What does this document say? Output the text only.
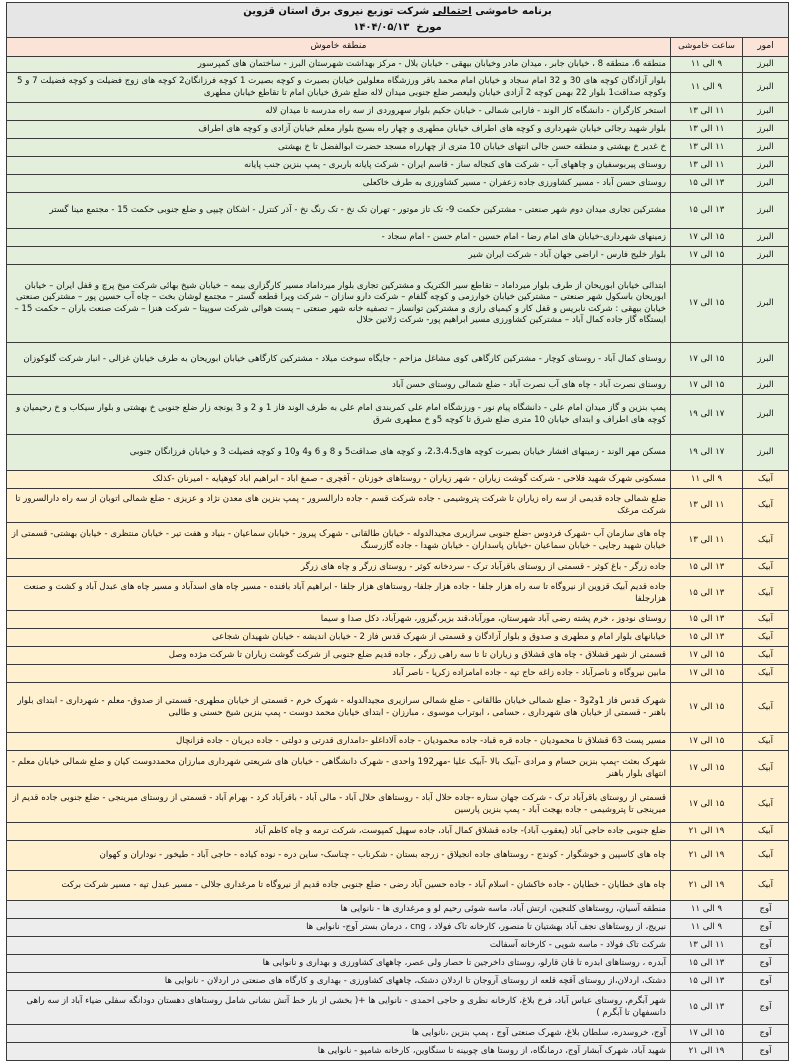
برنامه خاموشی احتمالی شرکت توزیع نیروی برق استان قزوین
مورخ  ۱۴۰۴/۰۵/۱۳		

امور	ساعت خاموشی	منطقه خاموش
البرز	۹ الی ۱۱	منطقه 6، منطقه 8 ، خیابان جابر ، میدان مادر وخیابان بیهقی - خیابان بلال - مرکز بهداشت شهرستان البرز - ساختمان های کمپرسور
البرز	۹ الی ۱۱	بلوار آزادگان کوچه های 30 و 32 امام سجاد و خیابان امام محمد باقر ورزشگاه معلولین خیابان بصیرت و کوچه بصیرت 1 کوچه فرزانگان2 کوچه های زوج فضیلت و کوچه فضیلت 7 و 5 وکوچه صداقت1 بلوار 22 بهمن کوچه 2 آزادی خیابان ولیعصر ضلع جنوبی میدان لاله ضلع شرق خیابان امام تا تقاطع خیابان مطهری
البرز	۱۱ الی ۱۳	استخر کارگران - دانشگاه کار الوند - فارابی شمالی - خیابان حکیم بلوار سهروردی از سه راه مدرسه تا میدان لاله
البرز	۱۱ الی ۱۳	بلوار شهید رجائی خیابان شهرداری و کوچه های اطراف خیابان مطهری و چهار راه بسیج بلوار معلم خیابان آزادی و کوچه های اطراف
البرز	۱۱ الی ۱۳	خ غدیر خ بهشتی و منطقه حسن جالی انتهای خیابان 10 متری از چهارراه مسجد حضرت ابوالفضل تا خ بهشتی
البرز	۱۱ الی ۱۳	روستای پیربوسفیان و چاههای آب - شرکت های کنجاله ساز - قاسم ایران - شرکت پایانه باربری - پمپ بنزین جنب پایانه
البرز	۱۳ الی ۱۵	روستای حسن آباد - مسیر کشاورزی جاده زعفران - مسیر کشاورزی به طرف خاکعلی
البرز	۱۳ الی ۱۵	مشترکین تجاری میدان دوم شهر صنعتی - مشترکین حکمت 9- تک تاز موتور - تهران تک نخ - تک رنگ نخ - آذر کنترل - اشکان چیپی و ضلع جنوبی حکمت 15 - مجتمع مینا گستر
البرز	۱۵ الی ۱۷	زمینهای شهرداری-خیابان های امام رضا - امام حسین - امام حسن - امام سجاد -
البرز	۱۵ الی ۱۷	بلوار خلیج فارس - اراضی جهان آباد - شرکت ایران شیر
البرز	۱۵ الی ۱۷	ابتدائی خیابان ابوریحان از طرف بلوار میرداماد – تقاطع سیر الکتریک و مشترکین تجاری بلوار میرداماد مسیر کارگزاری بیمه – خیابان شیخ بهائی شرکت میخ پرچ و قفل ایران – خیابان ابوریحان باسکول شهر صنعتی – مشترکین خیابان خوارزمی و کوچه گلفام – شرکت دارو سازان – شرکت ویرا قطعه گستر – مجتمع لوشان بخت – چاه آب حسین پور – مشترکین صنعتی خیابان بیهقی : شرکت نابریس و قفل کار و کیمیای رازی و مشترکین توانساز – تصفیه خانه شهر صنعتی – پست هوائی شرکت سوپیتا – شرکت هنزا – شرکت صنعت باران – حکمت 15 – ایستگاه گاز جاده کمال آباد – مشترکین کشاورزی مسیر ابراهیم پور- شرکت ژلاتین حلال
البرز	۱۵ الی ۱۷	روستای کمال آباد - روستای کوچار - مشترکین کارگاهی کوی مشاغل مزاحم - جایگاه سوخت میلاد - مشترکین کارگاهی خیابان ابوریحان به طرف خیابان غزالی - انبار شرکت گلوکوزان
البرز	۱۵ الی ۱۷	روستای نصرت آباد - چاه های آب نصرت آباد - ضلع شمالی روستای حسن آباد
البرز	۱۷ الی ۱۹	پمپ بنزین و گاز میدان امام علی - دانشگاه پیام نور - ورزشگاه امام علی کمربندی امام علی به طرف الوند فاز 1 و 2 و 3 یونجه زار ضلع جنوبی خ بهشتی و بلوار سیکاب و خ رحیمیان و کوچه های اطراف و ابتدای خیابان 10 متری ضلع شرق تا کوچه 5و خ مطهری شرق
البرز	۱۷ الی ۱۹	مسکن مهر الوند - زمینهای افشار خیابان بصیرت کوچه های2،3،4،5، و کوچه های صداقت5 و 8 و 6 و4 و10 و کوچه فضیلت 3 و خیابان فرزانگان جنوبی
آبیک	۹ الی ۱۱	مسکونی شهرک شهید فلاحی - شرکت گوشت زیاران - شهر زیاران - روستاهای خوزنان - آقچری - صمغ اباد - ابراهیم اباد کوهپایه - امیرنان -کذلک
آبیک	۱۱ الی ۱۳	ضلع شمالی جاده قدیمی از سه راه زیاران تا شرکت پتروشیمی - جاده شرکت قسم - جاده دارالسرور - پمپ بنزین های معدن نژاد و عزیزی - ضلع شمالی اتوبان از سه راه دارالسرور تا شرکت مرغک
آبیک	۱۱ الی ۱۳	چاه های سازمان آب -شهرک فردوس -ضلع جنوبی سرازیری مجیدالدوله - خیابان طالقانی - شهرک پیروز - خیابان سماعیان - بنیاد و هفت تیر - خیابان منتظری - خیابان بهشتی- قسمتی از خیابان شهید رجایی - خیابان سماعیان -خیابان پاسداران - خیابان شهدا - جاده گازرسنگ
آبیک	۱۳ الی ۱۵	جاده زرگر - باغ کوثر - قسمتی از روستای باقرآباد ترک - سردخانه کوثر - روستای زرگر و چاه های زرگر
آبیک	۱۳ الی ۱۵	جاده قدیم آبیک قزوین از نیروگاه تا سه راه هزار جلفا - جاده هزار جلفا- روستاهای هزار جلفا - ابراهیم آباد بافنده - مسیر چاه های اسدآباد و مسیر چاه های عبدل آباد و کشت و صنعت هزارجلفا
آبیک	۱۳ الی ۱۵	روستای نودوز ، خرم پشته رضی آباد شهرستان، مورآباد،قند بزیر،گیزور، شهرآباد، دکل صدا و سیما
آبیک	۱۳ الی ۱۵	خیابانهای بلوار امام و مطهری و صدوق و بلوار آزادگان و قسمتی از شهرک قدس فاز 2 - خیابان اندیشه - خیابان شهیدان شجاعی
آبیک	۱۵ الی ۱۷	قسمتی از شهر قشلاق - چاه های قشلاق و زیاران تا تا سه راهی زرگر ، جاده قدیم ضلع جنوبی از شرکت گوشت زیاران تا شرکت مژده وصل
آبیک	۱۵ الی ۱۷	مابین نیروگاه و ناصرآباد - جاده زاغه حاج تپه - جاده امامزاده زکریا - ناصر آباد
آبیک	۱۵ الی ۱۷	شهرک قدس فاز 1و2و3 - ضلع شمالی خیابان طالقانی - ضلع شمالی سرازیری مجیدالدوله - شهرک خرم - قسمتی از خیابان مطهری- قسمتی از صدوق- معلم - شهرداری - ابتدای بلوار باهنر - قسمتی از خیابان های شهرداری ، حسامی ، ابوتراب موسوی ، مبارزان - ابتدای خیابان محمد دوست - پمپ بنزین شیخ حسنی و طالبی
آبیک	۱۵ الی ۱۷	مسیر پست 63 قشلاق تا محمودیان - جاده قره قباد- جاده محمودیان - جاده آلاداغلو -دامداری قدرتی و دولتی - جاده دیریان - جاده قزانچال
آبیک	۱۵ الی ۱۷	شهرک بعثت -پمپ بنزین حسام و مرادی -آبیک بالا -آبیک علیا -مهر192 واحدی - شهرک دانشگاهی - خیابان های شریعتی شهرداری مبارزان محمددوست کیان و ضلع شمالی خیابان معلم - انتهای بلوار باهنر
آبیک	۱۵ الی ۱۷	قسمتی از روستای باقرآباد ترک - شرکت جهان ستاره -جاده حلال آباد - روستاهای حلال آباد - مالی آباد - باقرآباد کرد - بهرام آباد - قسمتی از روستای میرینجی - ضلع جنوبی جاده قدیم از میرینجی تا پتروشیمی - جاده بهجت آباد - پمپ بنزین پارسین
آبیک	۱۹ الی ۲۱	ضلع جنوبی جاده حاجی آباد (یعقوب آباد)- جاده قشلاق کمال آباد، جاده سهیل کمپوست، شرکت ترمه و چاه کاظم آباد
آبیک	۱۹ الی ۲۱	چاه های کاسپین و خوشگوار - کوندج - روستاهای جاده انجیلاق - زرجه بستان - شکرناب - چناسک- ساین دره - نوده کیاده - حاجی آباد - طیخور - نوداران و کهوان
آبیک	۱۹ الی ۲۱	چاه های خطایان - خطایان - جاده خاکشان - اسلام آباد - جاده حسین آباد رضی - ضلع جنوبی جاده قدیم از نیروگاه تا مرغداری جلالی - مسیر عبدل تپه - مسیر شرکت برکت
آوج	۹ الی ۱۱	منطقه آسیان، روستاهای کلنجین، ارتش آباد، ماسه شوئی رحیم لو و مرغداری ها - نانوایی ها
آوج	۹ الی ۱۱	نیریج، از روستاهای نجف آباد بهشتیان تا منصور، کارخانه تاک فولاد ، cng ، درمان بستر آوج- نانوایی ها
آوج	۱۱ الی ۱۳	شرکت تاک فولاد - ماسه شویی - کارخانه آسفالت
آوج	۱۳ الی ۱۵	آبدره ، روستاهای ابدره تا قان قارلو، روستای داخرجین تا حصار ولی عصر، چاههای کشاورزی و بهداری و نانوایی ها
آوج	۱۳ الی ۱۵	دشتک، اردلان،از روستای آقچه قلعه از روستای آروجان تا اردلان دشتک، چاههای کشاورزی - بهداری و کارگاه های صنعتی در اردلان - نانوایی ها
آوج	۱۳ الی ۱۵	شهر آبگرم، روستای عباس آباد، فرخ بلاغ، کارخانه نظری و حاجی احمدی - نانوایی ها +( بخشی از بار خط آتش نشانی شامل روستاهای دهستان دودانگه سفلی ضیاء آباد از سه راهی دانسفهان تا آبگرم )
آوج	۱۵ الی ۱۷	آوج، خروسدره، سلطان بلاغ، شهرک صنعتی آوج ، پمپ بنزین ،نانوایی ها
آوج	۱۹ الی ۲۱	شهید آباد، شهرک آبشار آوج، درمانگاه، از روستا های چوبینه تا سنگاوین، کارخانه شامپو - نانوایی ها
